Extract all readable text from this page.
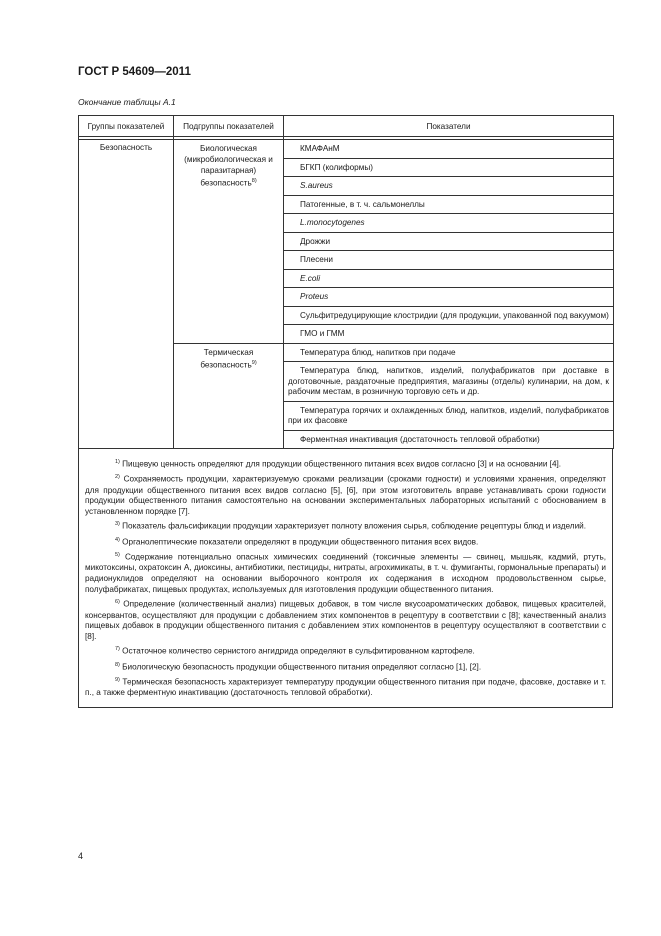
ГОСТ Р 54609—2011
Окончание таблицы А.1
Группы показателей	Подгруппы показателей	Показатели

Безопасность	Биологическая (микробиологическая и паразитарная) безопасность$^{8)}$	КМАФАнМ

		БГКП (колиформы)

		S.aureus

		Патогенные, в т. ч. сальмонеллы

		L.monocytogenes

		Дрожжи

		Плесени

		E.coli

		Proteus

		Сульфитредуцирующие клостридии (для продукции, упакованной под вакуумом)

		ГМО и ГММ

	Термическая безопасность$^{9)}$	Температура блюд, напитков при подаче

		Температура блюд, напитков, изделий, полуфабрикатов при доставке в доготовочные, раздаточные предприятия, магазины (отделы) кулинарии, на дом, к рабочим местам, в розничную торговую сеть и др.

		Температура горячих и охлажденных блюд, напитков, изделий, полуфабрикатов при их фасовке

		Ферментная инактивация (достаточность тепловой обработки)
$^{1)}$ Пищевую ценность определяют для продукции общественного питания всех видов согласно [3] и на основании [4].
$^{2)}$ Сохраняемость продукции, характеризуемую сроками реализации (сроками годности) и условиями хранения, определяют для продукции общественного питания всех видов согласно [5], [6], при этом изготовитель вправе устанавливать сроки годности продукции общественного питания самостоятельно на основании экспериментальных лабораторных испытаний с обоснованием в установленном порядке [7].
$^{3)}$ Показатель фальсификации продукции характеризует полноту вложения сырья, соблюдение рецептуры блюд и изделий.
$^{4)}$ Органолептические показатели определяют в продукции общественного питания всех видов.
$^{5)}$ Содержание потенциально опасных химических соединений (токсичные элементы — свинец, мышьяк, кадмий, ртуть, микотоксины, охратоксин А, диоксины, антибиотики, пестициды, нитраты, агрохимикаты, в т. ч. фумиганты, гормональные препараты) и радионуклидов определяют на основании выборочного контроля их содержания в исходном продовольственном сырье, полуфабрикатах, пищевых продуктах, используемых для изготовления продукции общественного питания.
$^{6)}$ Определение (количественный анализ) пищевых добавок, в том числе вкусоароматических добавок, пищевых красителей, консервантов, осуществляют для продукции с добавлением этих компонентов в рецептуру в соответствии с [8]; качественный анализ пищевых добавок в продукции общественного питания с добавлением этих компонентов в рецептуру осуществляют в соответствии с [8].
$^{7)}$ Остаточное количество сернистого ангидрида определяют в сульфитированном картофеле.
$^{8)}$ Биологическую безопасность продукции общественного питания определяют согласно [1], [2].
$^{9)}$ Термическая безопасность характеризует температуру продукции общественного питания при подаче, фасовке, доставке и т. п., а также ферментную инактивацию (достаточность тепловой обработки).
4
